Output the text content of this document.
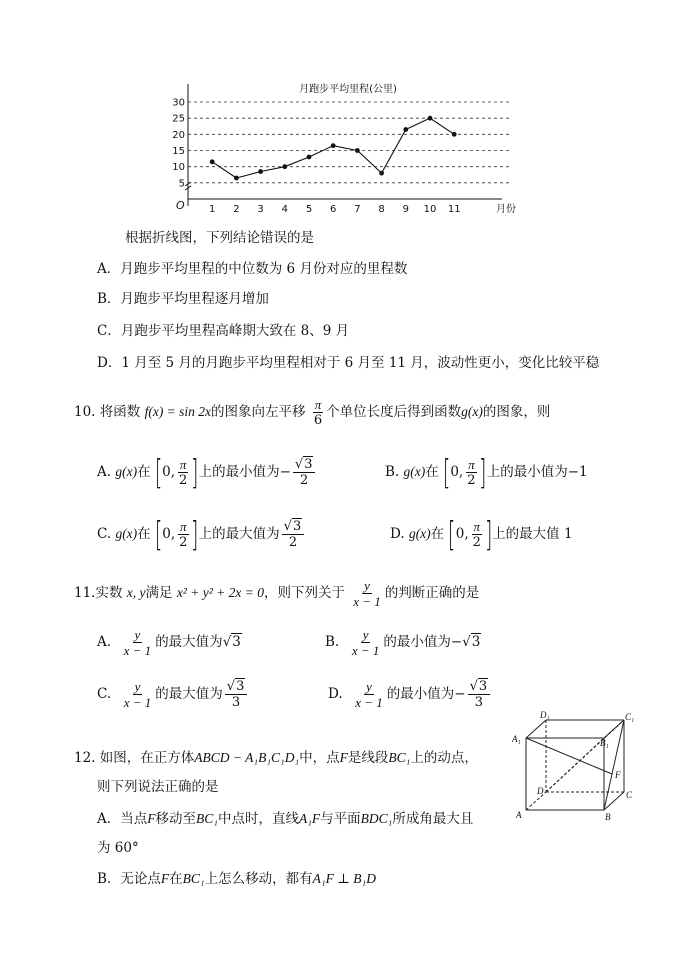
月跑步平均里程(公里)
5
10
15
20
25
30
O 1 2 3 4 5 6 7 8 9 10 11	月份
根据折线图，下列结论错误的是
A．月跑步平均里程的中位数为 6 月份对应的里程数
B．月跑步平均里程逐月增加
C．月跑步平均里程高峰期大致在 8、9 月
D．1 月至 5 月的月跑步平均里程相对于 6 月至 11 月，波动性更小，变化比较平稳
10. 将函数 f(x) = sin 2x的图象向左平移 $\frac{\pi}{6}$ 个单位长度后得到函数g(x)的图象，则
A. g(x)在 [0, $\frac{\pi}{2}$ ]上的最小值为− $\frac{√3}{2}$	B. g(x)在 [0, $\frac{\pi}{2}$ ]上的最小值为−1
C. g(x)在 [0, $\frac{\pi}{2}$ ]上的最大值为 $\frac{√3}{2}$	D. g(x)在 [0, $\frac{\pi}{2}$ ]上的最大值 1
11.实数 x, y满足 x² + y² + 2x = 0，则下列关于 $\frac{y}{x - 1}$ 的判断正确的是
A. $\frac{y}{x - 1}$ 的最大值为√3	B. $\frac{y}{x - 1}$ 的最小值为−√3
C. $\frac{y}{x - 1}$ 的最大值为 $\frac{√3}{3}$	D. $\frac{y}{x - 1}$ 的最小值为− $\frac{√3}{3}$
12. 如图，在正方体ABCD − A₁B₁C₁D₁中，点F是线段BC₁上的动点，
则下列说法正确的是
A．当点F移动至BC₁中点时，直线A₁F与平面BDC₁所成角最大且
为 60°
B．无论点F在BC₁上怎么移动，都有A₁F ⊥ B₁D
A	B
C
D
A₁	B₁
C₁
D₁
F
